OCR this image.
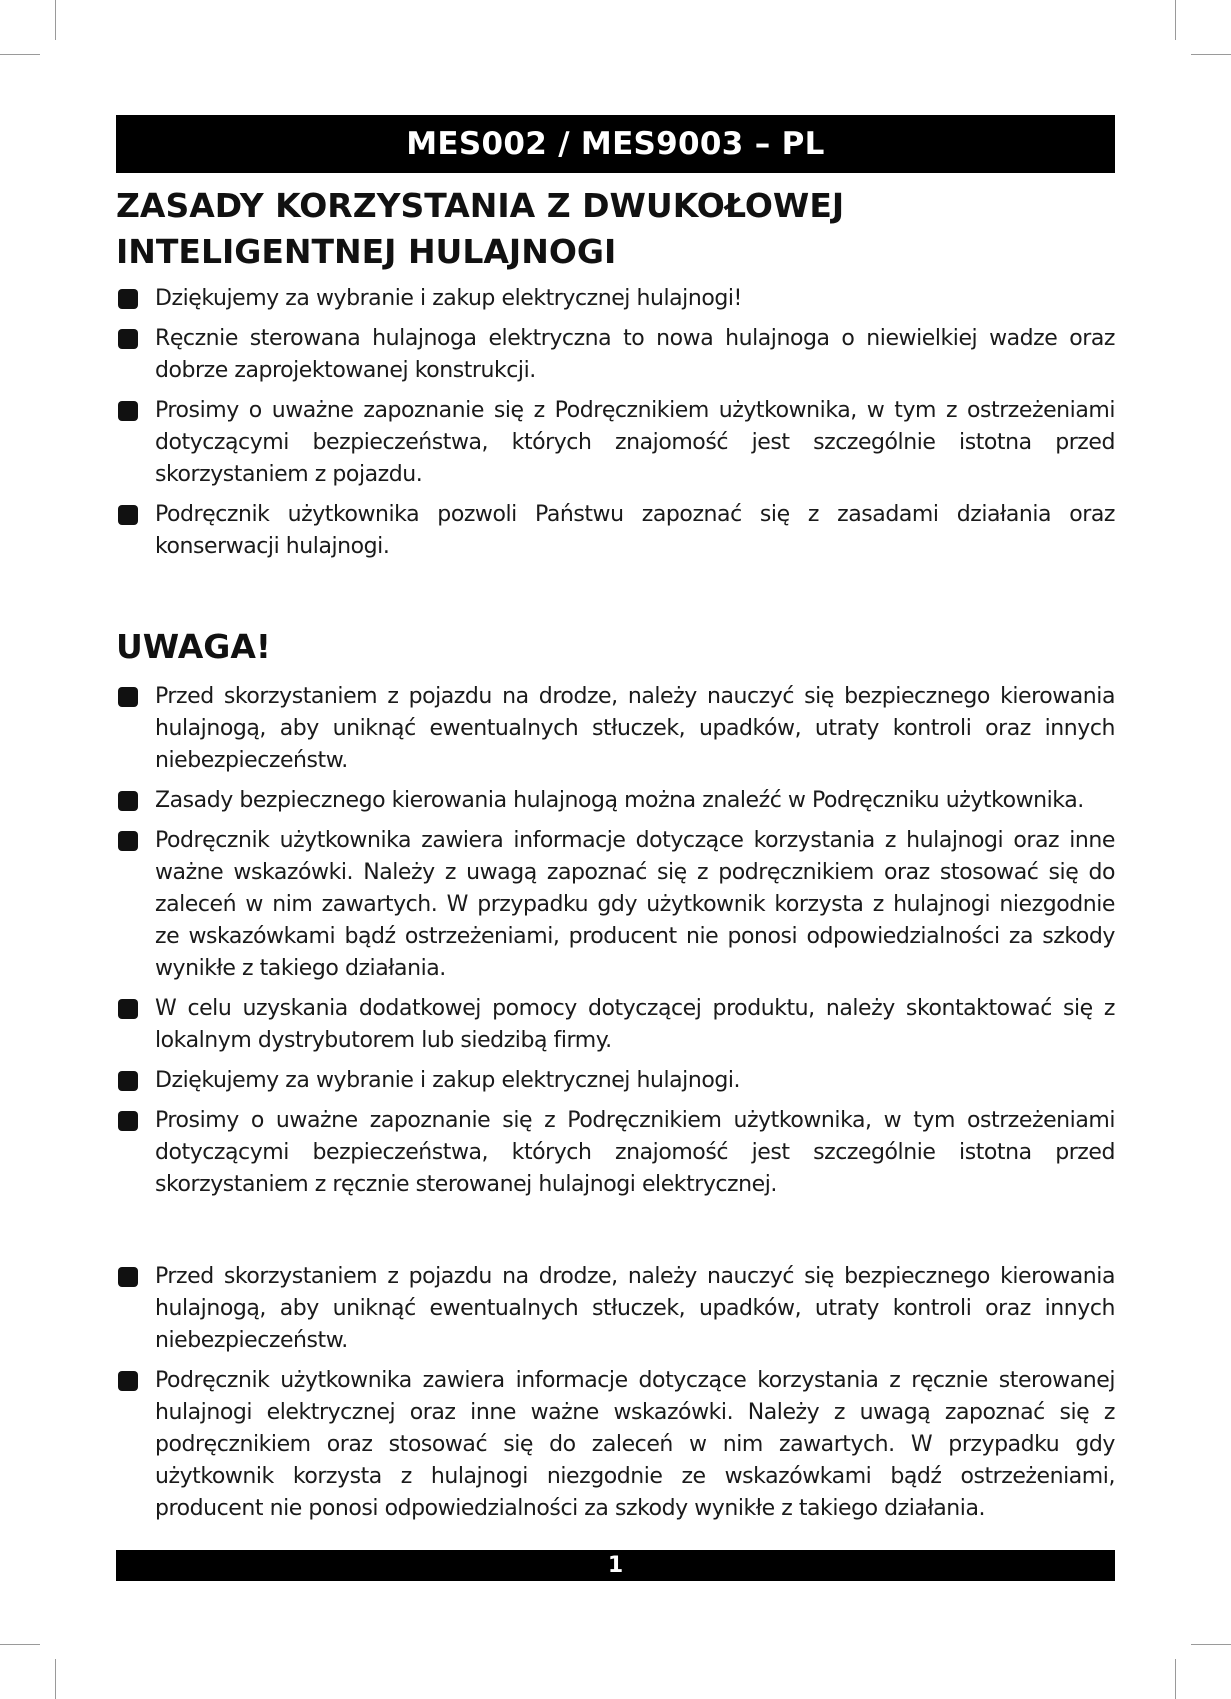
MES002 / MES9003 – PL
ZASADY KORZYSTANIA Z DWUKOŁOWEJ INTELIGENTNEJ HULAJNOGI
Dziękujemy za wybranie i zakup elektrycznej hulajnogi!
Ręcznie sterowana hulajnoga elektryczna to nowa hulajnoga o niewielkiej wadze oraz dobrze zaprojektowanej konstrukcji.
Prosimy o uważne zapoznanie się z Podręcznikiem użytkownika, w tym z ostrzeżeniami dotyczącymi bezpieczeństwa, których znajomość jest szczególnie istotna przed skorzystaniem z pojazdu.
Podręcznik użytkownika pozwoli Państwu zapoznać się z zasadami działania oraz konserwacji hulajnogi.
UWAGA!
Przed skorzystaniem z pojazdu na drodze, należy nauczyć się bezpiecznego kierowania hulajnogą, aby uniknąć ewentualnych stłuczek, upadków, utraty kontroli oraz innych niebezpieczeństw.
Zasady bezpiecznego kierowania hulajnogą można znaleźć w Podręczniku użytkownika.
Podręcznik użytkownika zawiera informacje dotyczące korzystania z hulajnogi oraz inne ważne wskazówki. Należy z uwagą zapoznać się z podręcznikiem oraz stosować się do zaleceń w nim zawartych. W przypadku gdy użytkownik korzysta z hulajnogi niezgodnie ze wskazówkami bądź ostrzeżeniami, producent nie ponosi odpowiedzialności za szkody wynikłe z takiego działania.
W celu uzyskania dodatkowej pomocy dotyczącej produktu, należy skontaktować się z lokalnym dystrybutorem lub siedzibą firmy.
Dziękujemy za wybranie i zakup elektrycznej hulajnogi.
Prosimy o uważne zapoznanie się z Podręcznikiem użytkownika, w tym ostrzeżeniami dotyczącymi bezpieczeństwa, których znajomość jest szczególnie istotna przed skorzystaniem z ręcznie sterowanej hulajnogi elektrycznej.
Przed skorzystaniem z pojazdu na drodze, należy nauczyć się bezpiecznego kierowania hulajnogą, aby uniknąć ewentualnych stłuczek, upadków, utraty kontroli oraz innych niebezpieczeństw.
Podręcznik użytkownika zawiera informacje dotyczące korzystania z ręcznie sterowanej hulajnogi elektrycznej oraz inne ważne wskazówki. Należy z uwagą zapoznać się z podręcznikiem oraz stosować się do zaleceń w nim zawartych. W przypadku gdy użytkownik korzysta z hulajnogi niezgodnie ze wskazówkami bądź ostrzeżeniami, producent nie ponosi odpowiedzialności za szkody wynikłe z takiego działania.
1
